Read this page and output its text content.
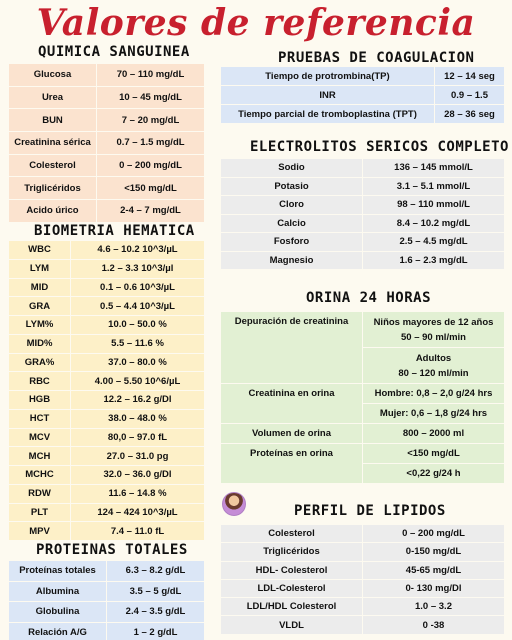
Valores de referencia
QUIMICA SANGUINEA
Glucosa	70 – 110 mg/dL
Urea	10 – 45 mg/dL
BUN	7 – 20 mg/dL
Creatinina sérica	0.7 – 1.5 mg/dL
Colesterol	0 – 200 mg/dL
Triglicéridos	<150 mg/dL
Acido úrico	2-4 – 7 mg/dL
BIOMETRIA HEMATICA
WBC	4.6 – 10.2 10^3/µL
LYM	1.2 – 3.3 10^3/µl
MID	0.1 – 0.6 10^3/µL
GRA	0.5 – 4.4 10^3/µL
LYM%	10.0 – 50.0 %
MID%	5.5 – 11.6 %
GRA%	37.0 – 80.0 %
RBC	4.00 – 5.50 10^6/µL
HGB	12.2 – 16.2 g/Dl
HCT	38.0 – 48.0 %
MCV	80,0 – 97.0 fL
MCH	27.0 – 31.0 pg
MCHC	32.0 – 36.0 g/Dl
RDW	11.6 – 14.8 %
PLT	124 – 424 10^3/µL
MPV	7.4 – 11.0 fL
PROTEINAS TOTALES
Proteínas totales	6.3 – 8.2 g/dL
Albumina	3.5 – 5 g/dL
Globulina	2.4 – 3.5 g/dL
Relación A/G	1 – 2 g/dL
PRUEBAS DE COAGULACION
Tiempo de protrombina(TP)	12 – 14 seg
INR	0.9 – 1.5
Tiempo parcial de tromboplastina (TPT)	28 – 36 seg
ELECTROLITOS SERICOS COMPLETO
Sodio	136 – 145 mmol/L
Potasio	3.1 – 5.1 mmol/L
Cloro	98 – 110 mmol/L
Calcio	8.4 – 10.2 mg/dL
Fosforo	2.5 – 4.5 mg/dL
Magnesio	1.6 – 2.3 mg/dL
ORINA 24 HORAS
Depuración de creatinina	Niños mayores de 12 años
50 – 90 ml/min

	Adultos
80 – 120 ml/min

Creatinina en orina	Hombre: 0,8 – 2,0 g/24 hrs
	Mujer: 0,6 – 1,8 g/24 hrs
Volumen de orina	800 – 2000 ml
Proteínas en orina	<150 mg/dL
	<0,22 g/24 h
PERFIL DE LIPIDOS
Colesterol	0 – 200 mg/dL
Triglicéridos	0-150 mg/dL
HDL- Colesterol	45-65 mg/dL
LDL-Colesterol	0- 130 mg/Dl
LDL/HDL Colesterol	1.0 – 3.2
VLDL	0 -38
